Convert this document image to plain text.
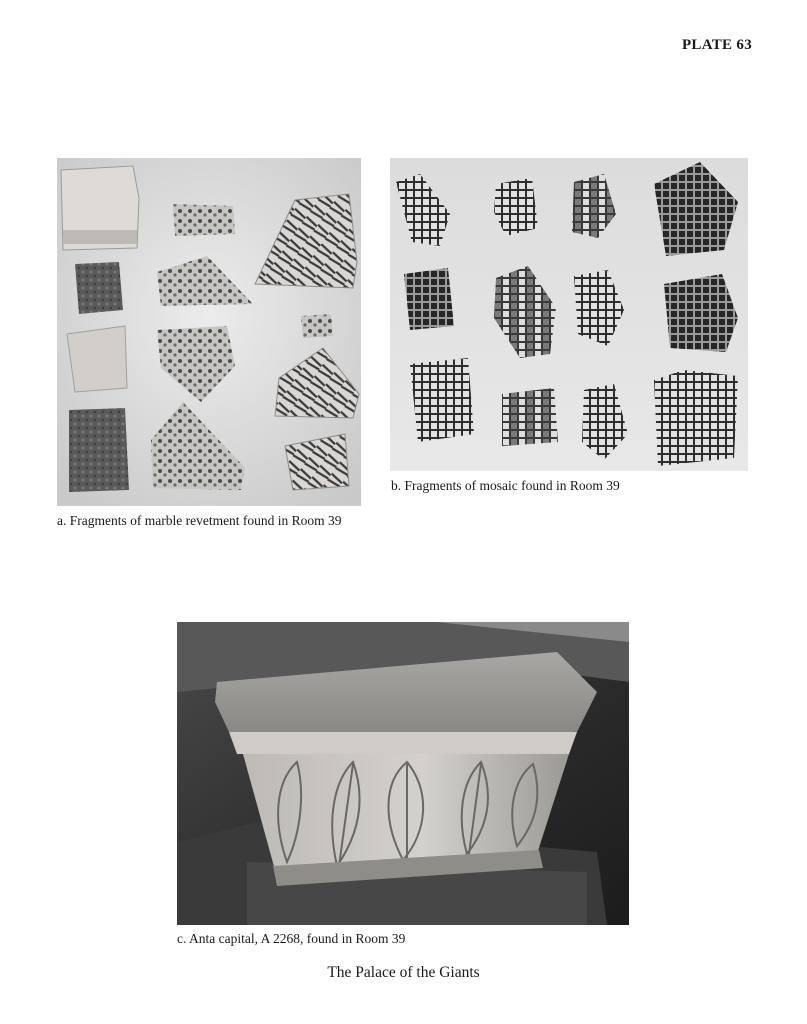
PLATE 63
a. Fragments of marble revetment found in Room 39
b. Fragments of mosaic found in Room 39
c. Anta capital, A 2268, found in Room 39
The Palace of the Giants
